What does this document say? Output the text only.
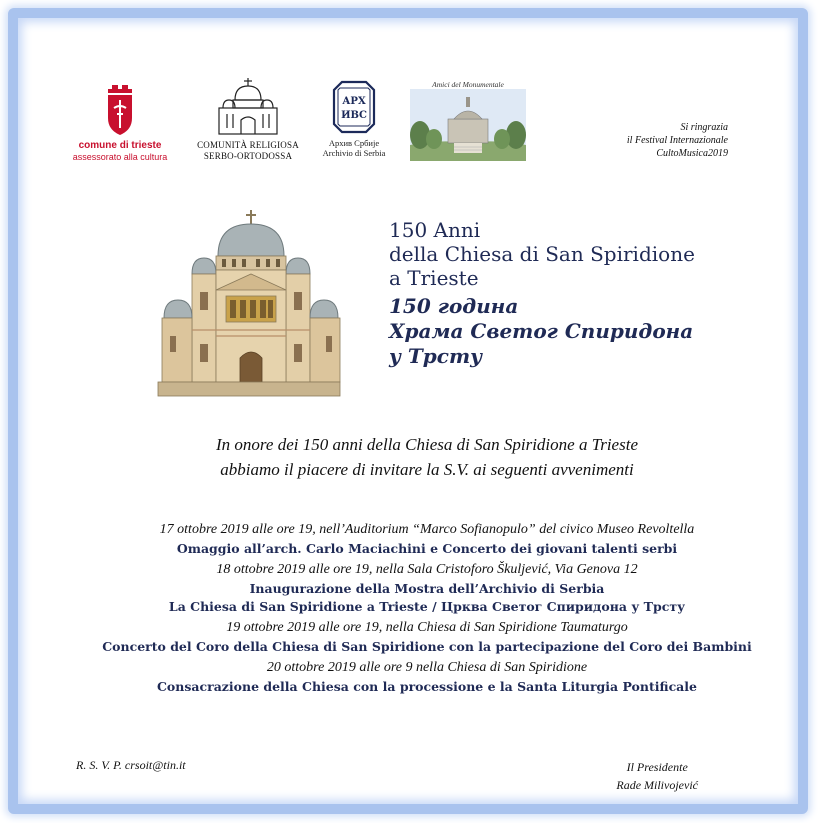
comune di trieste
assessorato alla cultura
COMUNITÀ RELIGIOSA
SERBO-ORTODOSSA
АРХ
ИВС
Архив Србије
Archivio di Serbia
Amici del Monumentale
Si ringrazia
il Festival Internazionale
CultoMusica2019
150 Anni
della Chiesa di San Spiridione
a Trieste
150 година
Храма Светог Спиридона
у Трсту
In onore dei 150 anni della Chiesa di San Spiridione a Trieste
abbiamo il piacere di invitare la S.V. ai seguenti avvenimenti
17 ottobre 2019 alle ore 19, nell’Auditorium “Marco Sofianopulo” del civico Museo Revoltella
Omaggio all’arch. Carlo Maciachini e Concerto dei giovani talenti serbi
18 ottobre 2019 alle ore 19, nella Sala Cristoforo Škuljević, Via Genova 12
Inaugurazione della Mostra dell’Archivio di Serbia
La Chiesa di San Spiridione a Trieste / Црква Светог Спиридона у Трсту
19 ottobre 2019 alle ore 19, nella Chiesa di San Spiridione Taumaturgo
Concerto del Coro della Chiesa di San Spiridione con la partecipazione del Coro dei Bambini
20 ottobre 2019 alle ore 9 nella Chiesa di San Spiridione
Consacrazione della Chiesa con la processione e la Santa Liturgia Pontificale
R. S. V. P. crsoit@tin.it	Il Presidente
Rade Milivojević
